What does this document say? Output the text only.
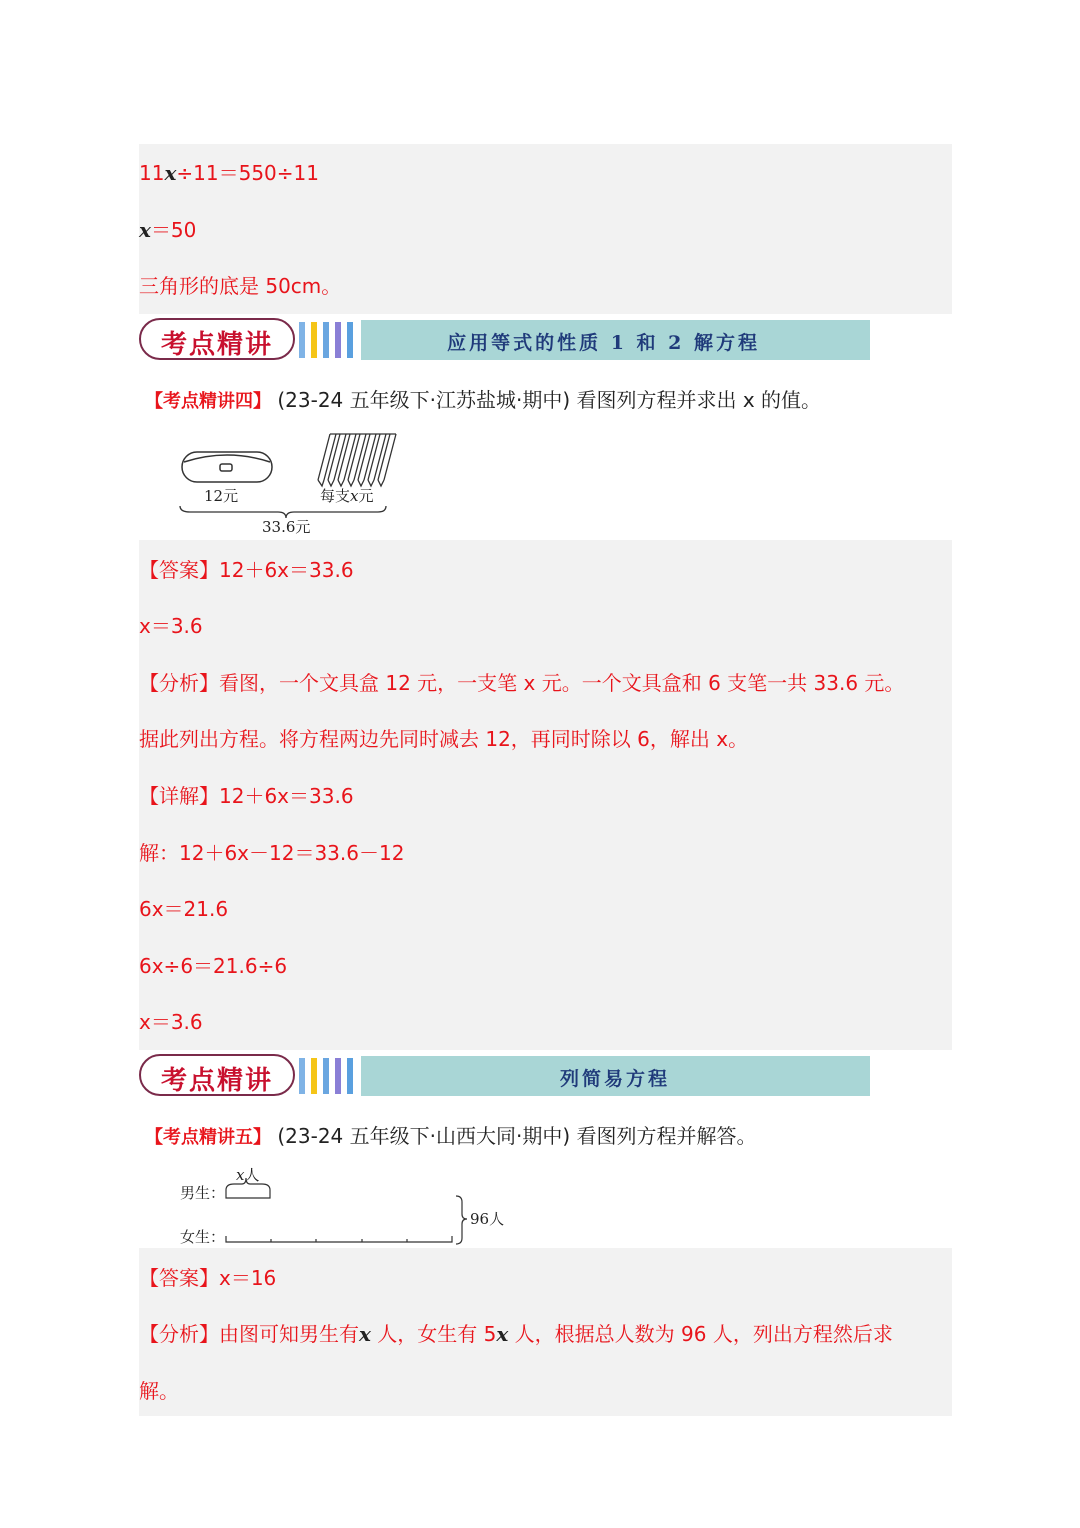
11x÷11＝550÷11
x＝50
三角形的底是 50cm。
考点精讲	应用等式的性质 1 和 2 解方程
【考点精讲四】 (23-24 五年级下·江苏盐城·期中) 看图列方程并求出 x 的值。
12元	每支x元
33.6元
【答案】12＋6x＝33.6
x＝3.6
【分析】看图，一个文具盒 12 元，一支笔 x 元。一个文具盒和 6 支笔一共 33.6 元。
据此列出方程。将方程两边先同时减去 12，再同时除以 6，解出 x。
【详解】12＋6x＝33.6
解：12＋6x－12＝33.6－12
6x＝21.6
6x÷6＝21.6÷6
x＝3.6
考点精讲	列简易方程
【考点精讲五】 (23-24 五年级下·山西大同·期中) 看图列方程并解答。
x人
男生：
女生：
96人
【答案】x＝16
【分析】由图可知男生有x 人，女生有 5x 人，根据总人数为 96 人，列出方程然后求
解。
